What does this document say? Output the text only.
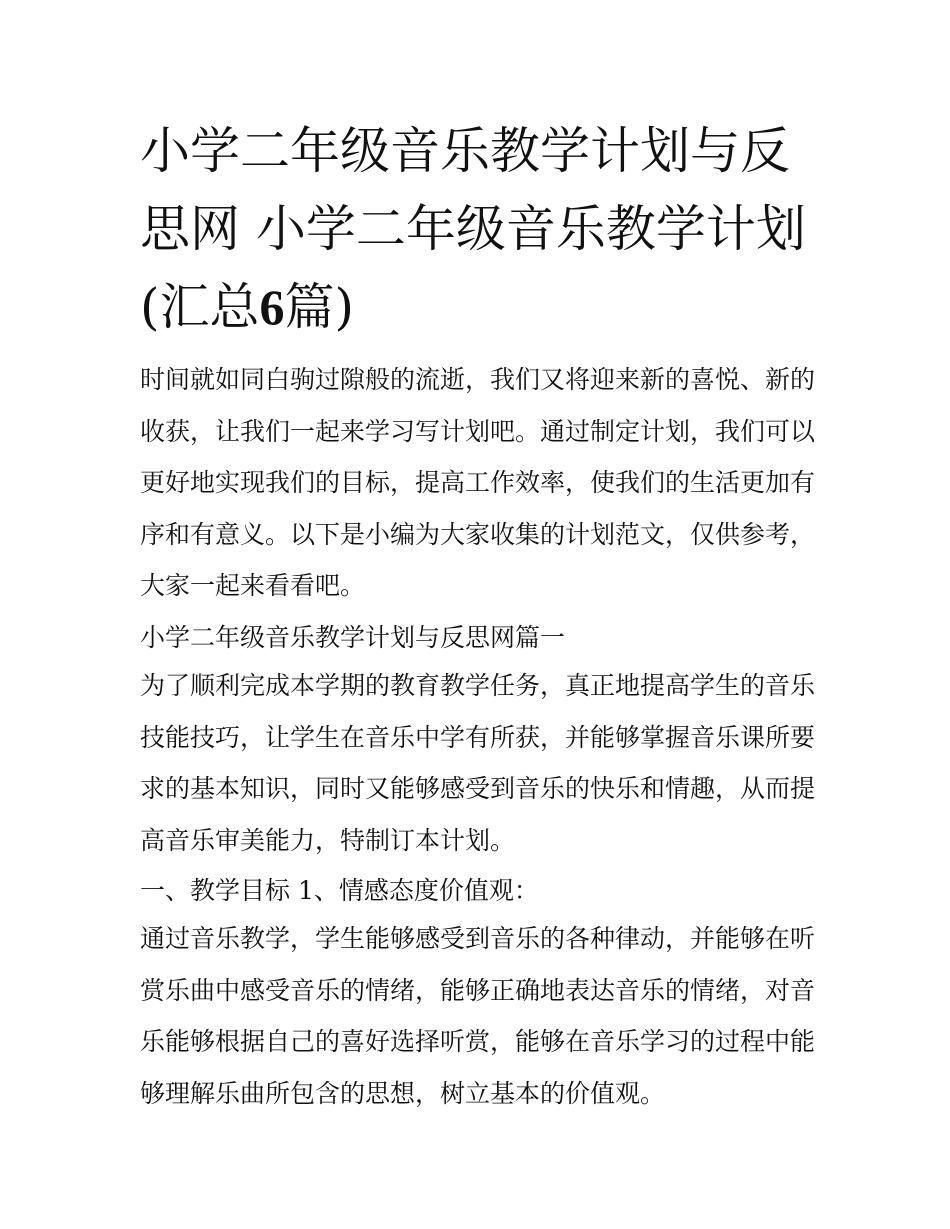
小学二年级音乐教学计划与反
思网 小学二年级音乐教学计划
(汇总6篇)

时间就如同白驹过隙般的流逝，我们又将迎来新的喜悦、新的收获，让我们一起来学习写计划吧。通过制定计划，我们可以更好地实现我们的目标，提高工作效率，使我们的生活更加有序和有意义。以下是小编为大家收集的计划范文，仅供参考，大家一起来看看吧。

小学二年级音乐教学计划与反思网篇一

为了顺利完成本学期的教育教学任务，真正地提高学生的音乐技能技巧，让学生在音乐中学有所获，并能够掌握音乐课所要求的基本知识，同时又能够感受到音乐的快乐和情趣，从而提高音乐审美能力，特制订本计划。

一、教学目标 1、情感态度价值观：

通过音乐教学，学生能够感受到音乐的各种律动，并能够在听赏乐曲中感受音乐的情绪，能够正确地表达音乐的情绪，对音乐能够根据自己的喜好选择听赏，能够在音乐学习的过程中能够理解乐曲所包含的思想，树立基本的价值观。
